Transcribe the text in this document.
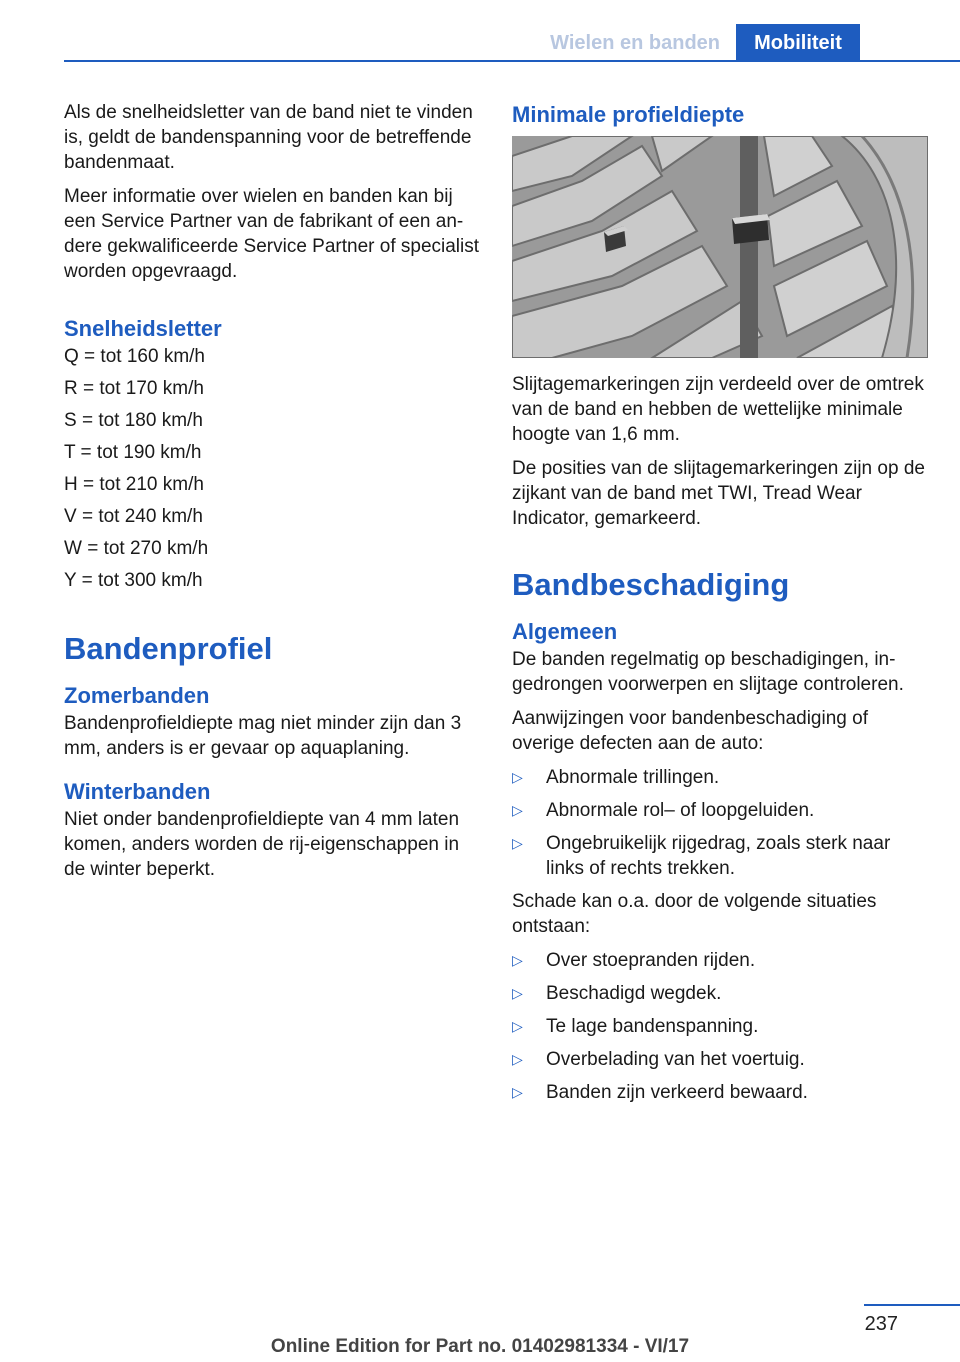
Wielen en banden	Mobiliteit

Als de snelheidsletter van de band niet te vinden is, geldt de bandenspanning voor de betreffende bandenmaat.

Meer informatie over wielen en banden kan bij een Service Partner van de fabrikant of een andere gekwalificeerde Service Partner of specialist worden opgevraagd.

Snelheidsletter
Q = tot 160 km/h
R = tot 170 km/h
S = tot 180 km/h
T = tot 190 km/h
H = tot 210 km/h
V = tot 240 km/h
W = tot 270 km/h
Y = tot 300 km/h
Bandenprofiel
Zomerbanden

Bandenprofieldiepte mag niet minder zijn dan 3 mm, anders is er gevaar op aquaplaning.

Winterbanden

Niet onder bandenprofieldiepte van 4 mm laten komen, anders worden de rij-eigenschappen in de winter beperkt.

Minimale profieldiepte

Slijtagemarkeringen zijn verdeeld over de omtrek van de band en hebben de wettelijke minimale hoogte van 1,6 mm.

De posities van de slijtagemarkeringen zijn op de zijkant van de band met TWI, Tread Wear Indicator, gemarkeerd.

Bandbeschadiging
Algemeen

De banden regelmatig op beschadigingen, ingedrongen voorwerpen en slijtage controleren.

Aanwijzingen voor bandenbeschadiging of overige defecten aan de auto:

▷ Abnormale trillingen.
▷ Abnormale rol– of loopgeluiden.
▷ Ongebruikelijk rijgedrag, zoals sterk naar links of rechts trekken.

Schade kan o.a. door de volgende situaties ontstaan:

▷ Over stoepranden rijden.
▷ Beschadigd wegdek.
▷ Te lage bandenspanning.
▷ Overbelading van het voertuig.
▷ Banden zijn verkeerd bewaard.
237
Online Edition for Part no. 01402981334 - VI/17
